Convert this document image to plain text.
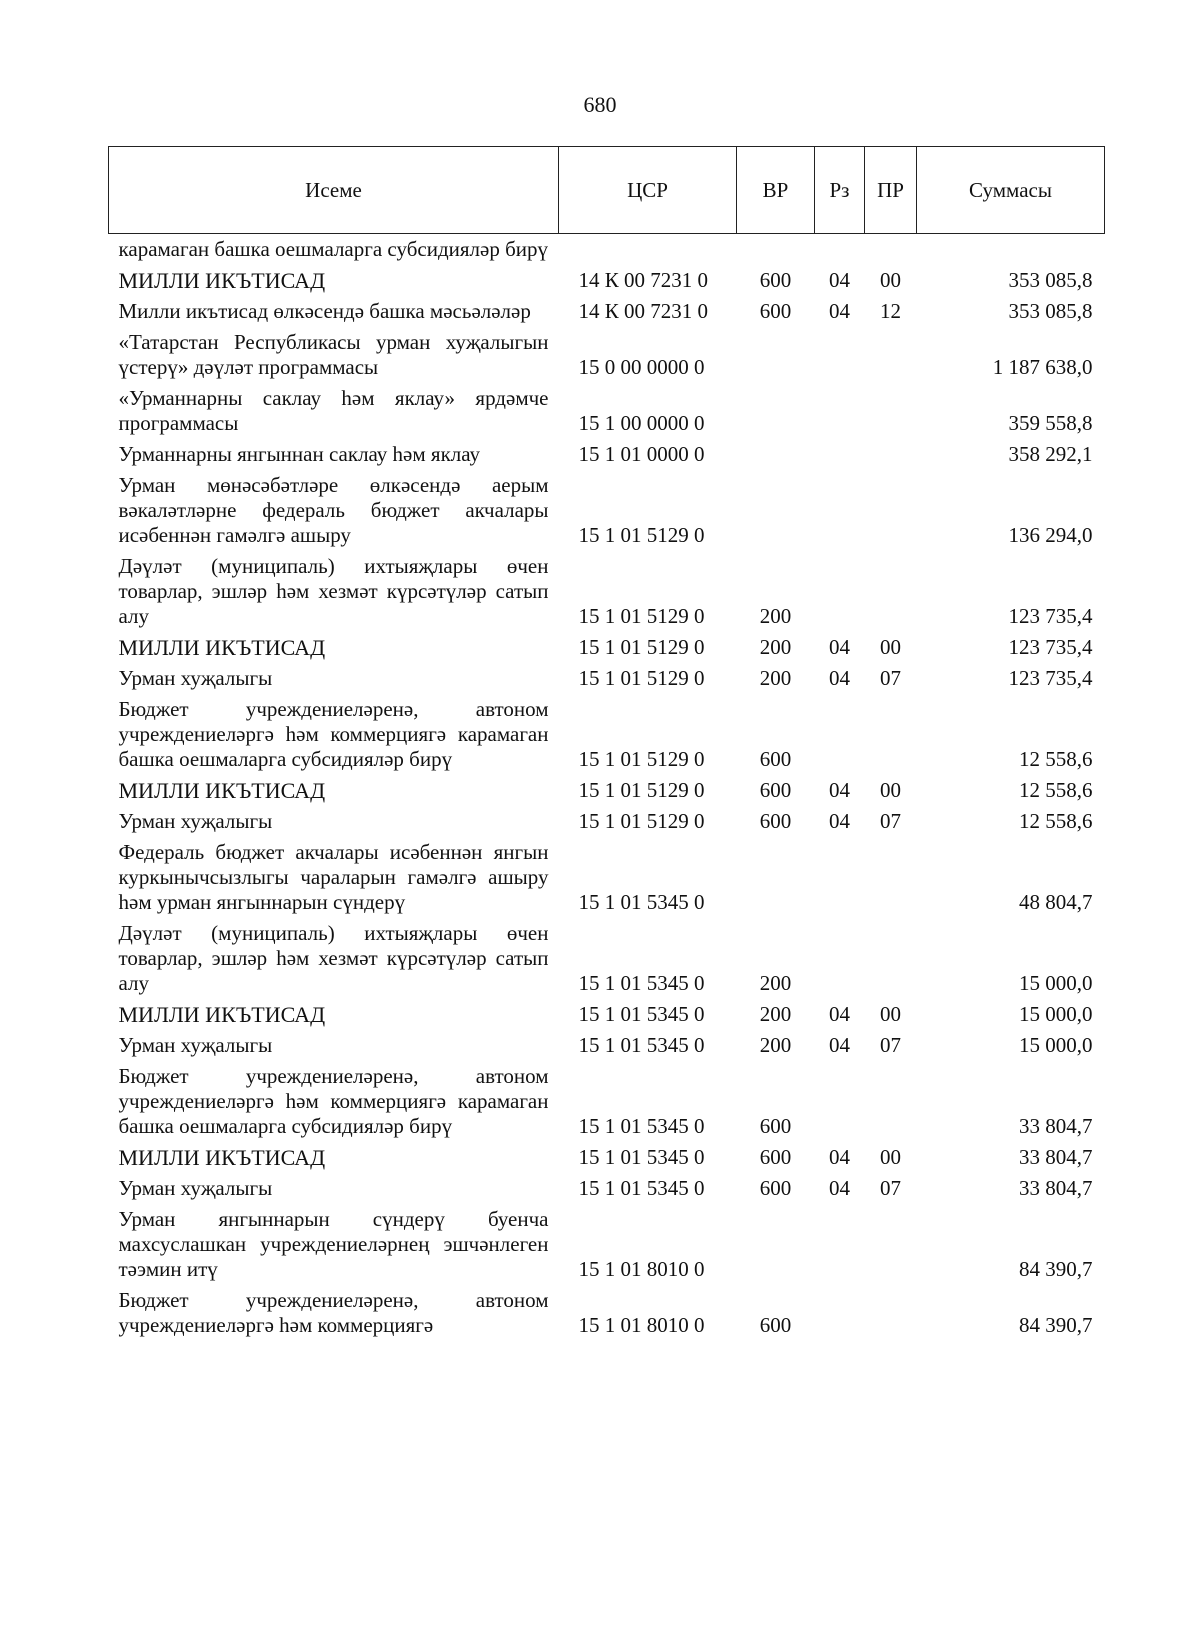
680
Исеме	ЦСР	ВР	Рз	ПР	Суммасы
карамаган башка оешмаларга субсидияләр бирү					
МИЛЛИ ИКЪТИСАД	14 К 00 7231 0	600	04	00	353 085,8
Милли икътисад өлкәсендә башка мәсьәләләр	14 К 00 7231 0	600	04	12	353 085,8
«Татарстан Республикасы урман хуҗалыгын үстерү» дәүләт программасы	15 0 00 0000 0				1 187 638,0
«Урманнарны саклау һәм яклау» ярдәмче программасы	15 1 00 0000 0				359 558,8
Урманнарны янгыннан саклау һәм яклау	15 1 01 0000 0				358 292,1
Урман мөнәсәбәтләре өлкәсендә аерым вәкаләтләрне федераль бюджет акчалары исәбеннән гамәлгә ашыру	15 1 01 5129 0				136 294,0
Дәүләт (муниципаль) ихтыяҗлары өчен товарлар, эшләр һәм хезмәт күрсәтүләр сатып алу	15 1 01 5129 0	200			123 735,4
МИЛЛИ ИКЪТИСАД	15 1 01 5129 0	200	04	00	123 735,4
Урман хуҗалыгы	15 1 01 5129 0	200	04	07	123 735,4
Бюджет учреждениеләренә, автоном учреждениеләргә һәм коммерциягә карамаган башка оешмаларга субсидияләр бирү	15 1 01 5129 0	600			12 558,6
МИЛЛИ ИКЪТИСАД	15 1 01 5129 0	600	04	00	12 558,6
Урман хуҗалыгы	15 1 01 5129 0	600	04	07	12 558,6
Федераль бюджет акчалары исәбеннән янгын куркынычсызлыгы чараларын гамәлгә ашыру һәм урман янгыннарын сүндерү	15 1 01 5345 0				48 804,7
Дәүләт (муниципаль) ихтыяҗлары өчен товарлар, эшләр һәм хезмәт күрсәтүләр сатып алу	15 1 01 5345 0	200			15 000,0
МИЛЛИ ИКЪТИСАД	15 1 01 5345 0	200	04	00	15 000,0
Урман хуҗалыгы	15 1 01 5345 0	200	04	07	15 000,0
Бюджет учреждениеләренә, автоном учреждениеләргә һәм коммерциягә карамаган башка оешмаларга субсидияләр бирү	15 1 01 5345 0	600			33 804,7
МИЛЛИ ИКЪТИСАД	15 1 01 5345 0	600	04	00	33 804,7
Урман хуҗалыгы	15 1 01 5345 0	600	04	07	33 804,7
Урман янгыннарын сүндерү буенча махсуслашкан учреждениеләрнең эшчәнлеген тәэмин итү	15 1 01 8010 0				84 390,7
Бюджет учреждениеләренә, автоном учреждениеләргә һәм коммерциягә	15 1 01 8010 0	600			84 390,7
